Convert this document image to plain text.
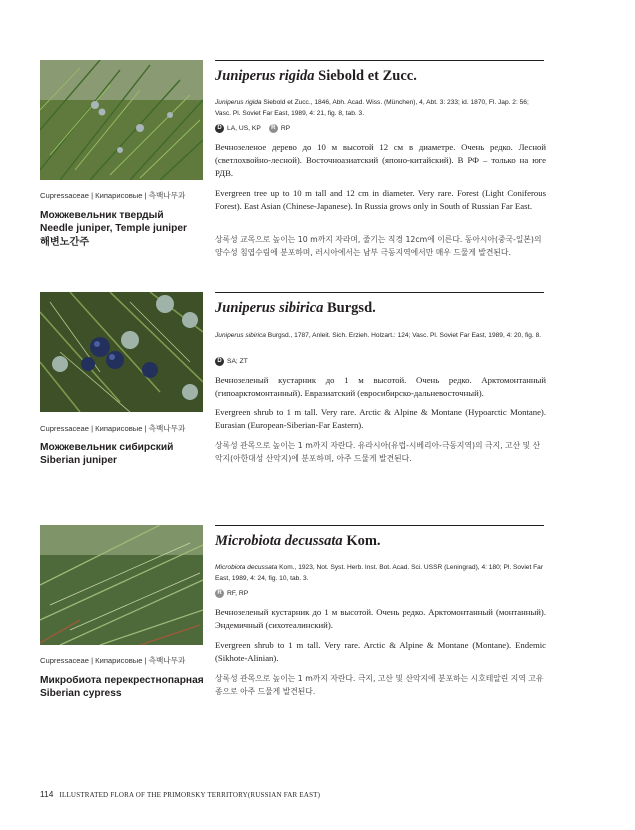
Cupressaceae | Кипарисовые | 측백나무과
Можжевельник твердый
Needle juniper, Temple juniper
해변노간주
Juniperus rigida Siebold et Zucc.
Juniperus rigida Siebold et Zucc., 1846, Abh. Acad. Wiss. (München), 4, Abt. 3: 233; id. 1870, Fl. Jap. 2: 56; Vasc. Pl. Soviet Far East, 1989, 4: 21, fig. 8, tab. 3.
D LA, US, KP	R RP
Вечнозеленое дерево до 10 м высотой 12 см в диаметре. Очень редко. Лесной (светлохвойно-лесной). Восточноазиатский (японо-китайский). В РФ – только на юге РДВ.
Evergreen tree up to 10 m tall and 12 cm in diameter. Very rare. Forest (Light Coniferous Forest). East Asian (Chinese-Japanese). In Russia grows only in South of Russian Far East.
상록성 교목으로 높이는 10 m까지 자라며, 줄기는 직경 12cm에 이른다. 동아시아(중국-일본)의 양수성 침엽수림에 분포하며, 러시아에서는 남부 극동지역에서만 매우 드물게 발견된다.
Cupressaceae | Кипарисовые | 측백나무과
Можжевельник сибирский
Siberian juniper
Juniperus sibirica Burgsd.
Juniperus sibirica Burgsd., 1787, Anleit. Sich. Erzieh. Holzart.: 124; Vasc. Pl. Soviet Far East, 1989, 4: 20, fig. 8.
D SA; ZT
Вечнозеленый кустарник до 1 м высотой. Очень редко. Арктомонтанный (гипоарктомонтанный). Евразиатский (евросибирско-дальневосточный).
Evergreen shrub to 1 m tall. Very rare. Arctic & Alpine & Montane (Hypoarctic Montane). Eurasian (European-Siberian-Far Eastern).
상록성 관목으로 높이는 1 m까지 자란다. 유라시아(유럽-시베리아-극동지역)의 극지, 고산 및 산악지(아한대성 산악지)에 분포하며, 아주 드물게 발견된다.
Cupressaceae | Кипарисовые | 측백나무과
Микробиота перекрестнопарная
Siberian cypress
Microbiota decussata Kom.
Microbiota decussata Kom., 1923, Not. Syst. Herb. Inst. Bot. Acad. Sci. USSR (Leningrad), 4: 180; Pl. Soviet Far East, 1989, 4: 24, fig. 10, tab. 3.
R RF, RP
Вечнозеленый кустарник до 1 м высотой. Очень редко. Арктомонтанный (монтанный). Эндемичный (сихотеалинский).
Evergreen shrub to 1 m tall. Very rare. Arctic & Alpine & Montane (Montane). Endemic (Sikhote-Alinian).
상록성 관목으로 높이는 1 m까지 자란다. 극지, 고산 및 산악지에 분포하는 시호테알린 지역 고유종으로 아주 드물게 발견된다.
114 ILLUSTRATED FLORA OF THE PRIMORSKY TERRITORY(RUSSIAN FAR EAST)
